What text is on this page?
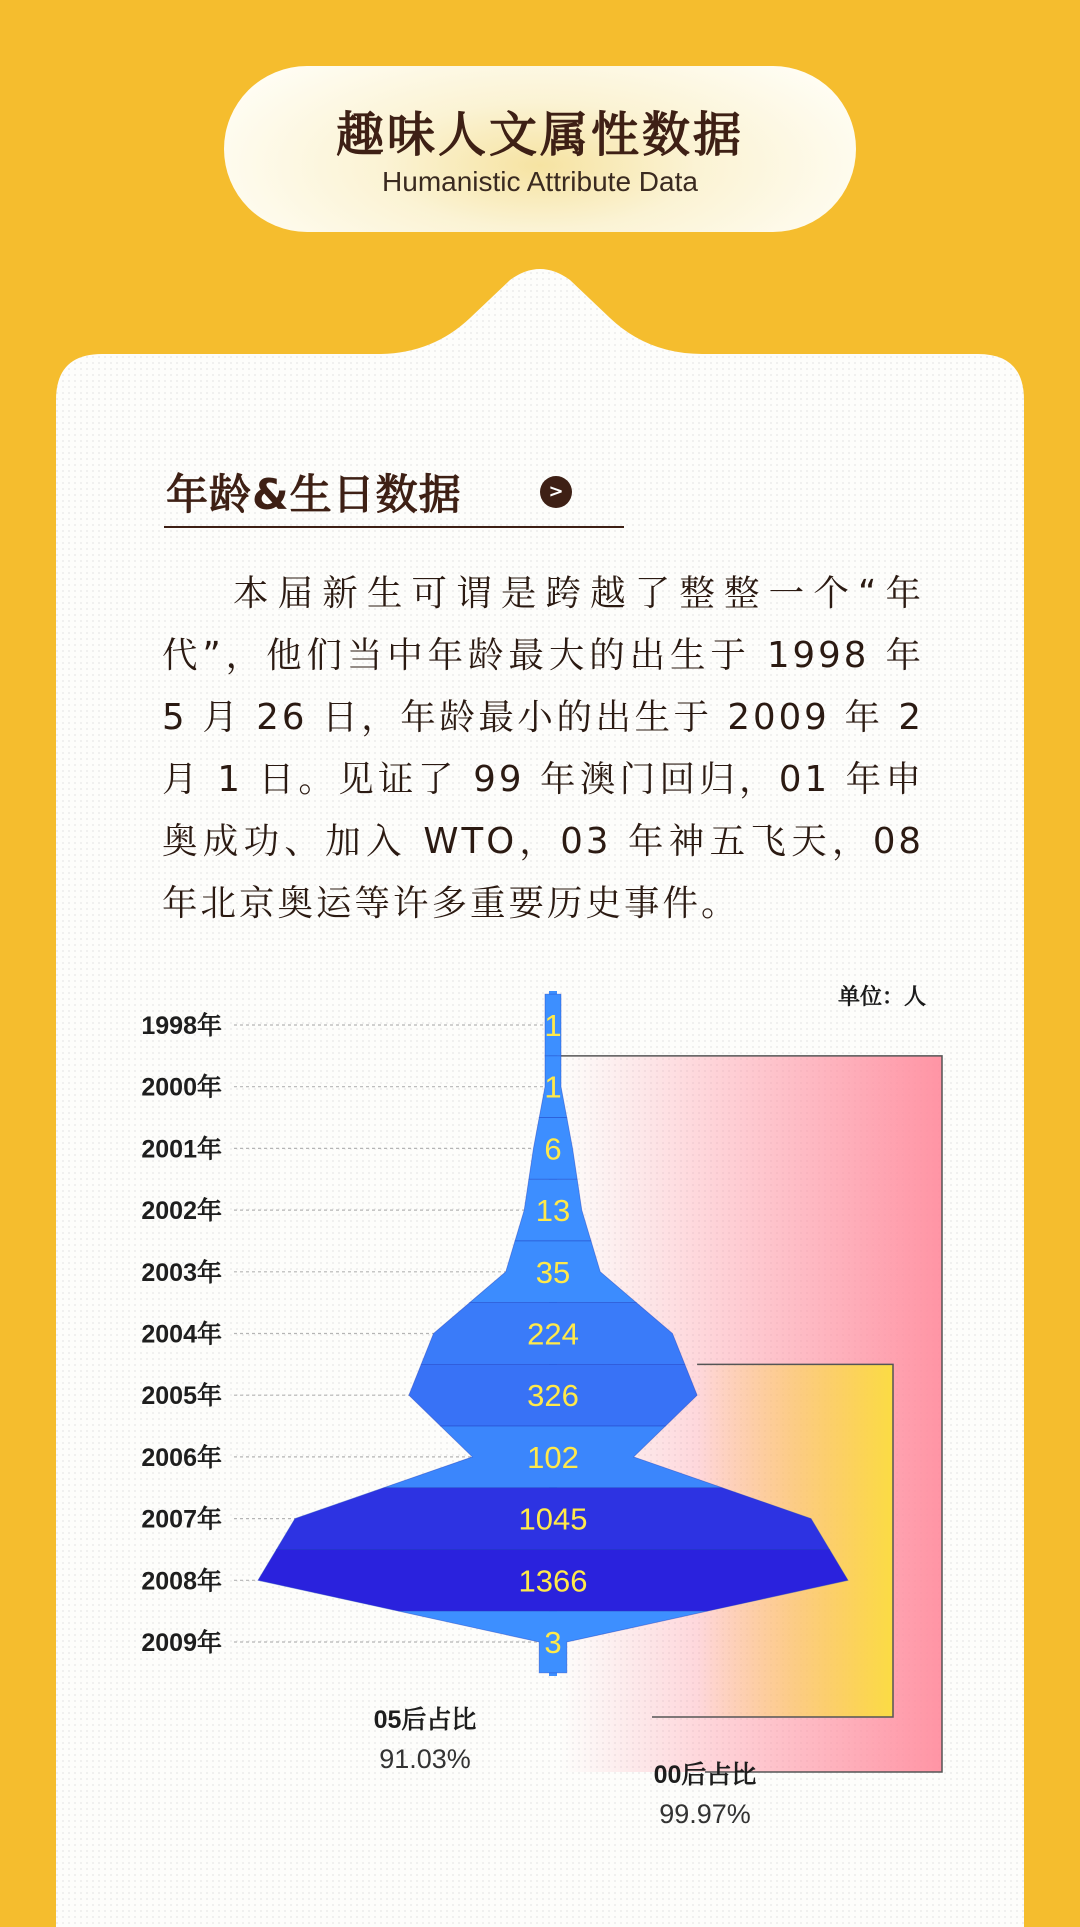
趣味人文属性数据
Humanistic Attribute Data
年龄&生日数据	>

本届新生可谓是跨越了整整一个“年代”，他们当中年龄最大的出生于 1998 年 5 月 26 日，年龄最小的出生于 2009 年 2 月 1 日。见证了 99 年澳门回归，01 年申奥成功、加入 WTO，03 年神五飞天，08 年北京奥运等许多重要历史事件。

单位：人
00后占比
99.97%
05后占比
91.03%
1998年
2000年
2001年
2002年
2003年
2004年
2005年
2006年
2007年
2008年
2009年
1
1
6
13
35
224
326
102
1045
1366
3
